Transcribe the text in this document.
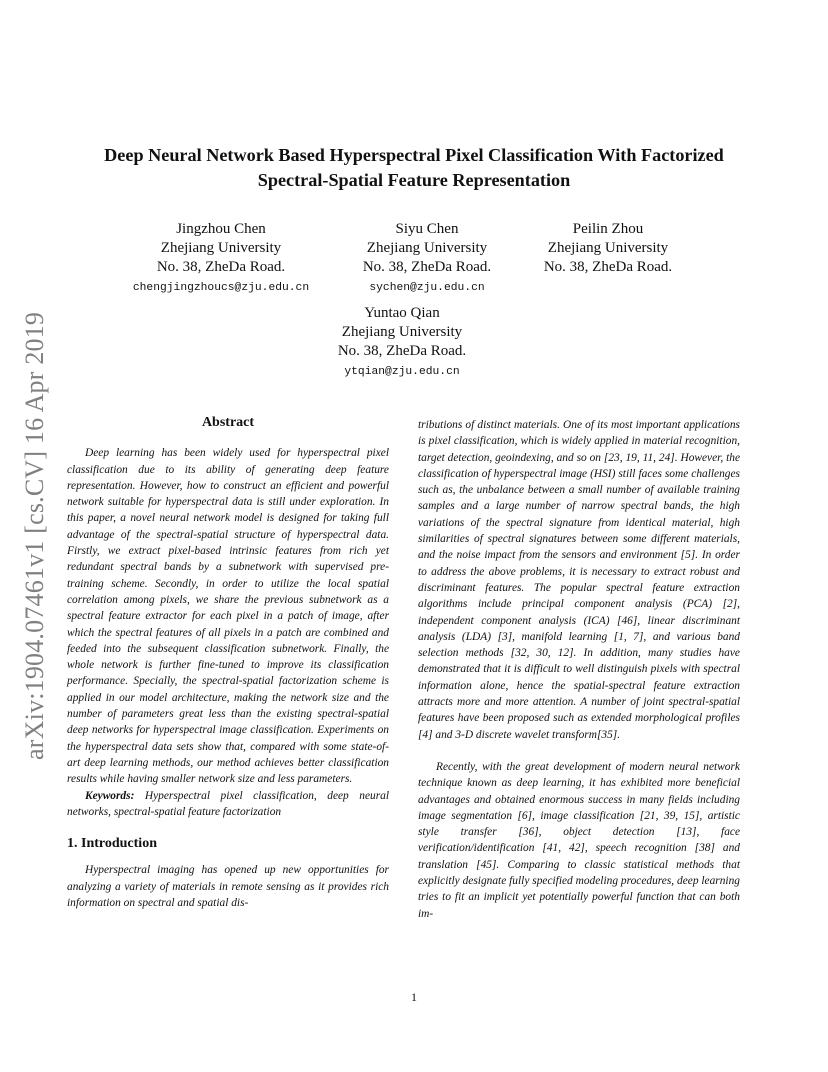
arXiv:1904.07461v1 [cs.CV] 16 Apr 2019
Deep Neural Network Based Hyperspectral Pixel Classification With Factorized
Spectral-Spatial Feature Representation
Jingzhou Chen
Zhejiang University
No. 38, ZheDa Road.
chengjingzhoucs@zju.edu.cn
Siyu Chen
Zhejiang University
No. 38, ZheDa Road.
sychen@zju.edu.cn
Peilin Zhou
Zhejiang University
No. 38, ZheDa Road.
Yuntao Qian
Zhejiang University
No. 38, ZheDa Road.
ytqian@zju.edu.cn
Abstract

Deep learning has been widely used for hyperspectral pixel classification due to its ability of generating deep feature representation. However, how to construct an efficient and powerful network suitable for hyperspectral data is still under exploration. In this paper, a novel neural network model is designed for taking full advantage of the spectral-spatial structure of hyperspectral data. Firstly, we extract pixel-based intrinsic features from rich yet redundant spectral bands by a subnetwork with supervised pre-training scheme. Secondly, in order to utilize the local spatial correlation among pixels, we share the previous subnetwork as a spectral feature extractor for each pixel in a patch of image, after which the spectral features of all pixels in a patch are combined and feeded into the subsequent classification subnetwork. Finally, the whole network is further fine-tuned to improve its classification performance. Specially, the spectral-spatial factorization scheme is applied in our model architecture, making the network size and the number of parameters great less than the existing spectral-spatial deep networks for hyperspectral image classification. Experiments on the hyperspectral data sets show that, compared with some state-of-art deep learning methods, our method achieves better classification results while having smaller network size and less parameters.

Keywords: Hyperspectral pixel classification, deep neural networks, spectral-spatial feature factorization

1. Introduction

Hyperspectral imaging has opened up new opportunities for analyzing a variety of materials in remote sensing as it provides rich information on spectral and spatial dis-

tributions of distinct materials. One of its most important applications is pixel classification, which is widely applied in material recognition, target detection, geoindexing, and so on [23, 19, 11, 24]. However, the classification of hyperspectral image (HSI) still faces some challenges such as, the unbalance between a small number of available training samples and a large number of narrow spectral bands, the high variations of the spectral signature from identical material, high similarities of spectral signatures between some different materials, and the noise impact from the sensors and environment [5]. In order to address the above problems, it is necessary to extract robust and discriminant features. The popular spectral feature extraction algorithms include principal component analysis (PCA) [2], independent component analysis (ICA) [46], linear discriminant analysis (LDA) [3], manifold learning [1, 7], and various band selection methods [32, 30, 12]. In addition, many studies have demonstrated that it is difficult to well distinguish pixels with spectral information alone, hence the spatial-spectral feature extraction attracts more and more attention. A number of joint spectral-spatial features have been proposed such as extended morphological profiles [4] and 3-D discrete wavelet transform[35].

Recently, with the great development of modern neural network technique known as deep learning, it has exhibited more beneficial advantages and obtained enormous success in many fields including image segmentation [6], image classification [21, 39, 15], artistic style transfer [36], object detection [13], face verification/identification [41, 42], speech recognition [38] and translation [45]. Comparing to classic statistical methods that explicitly designate fully specified modeling procedures, deep learning tries to fit an implicit yet potentially powerful function that can both im-

1
